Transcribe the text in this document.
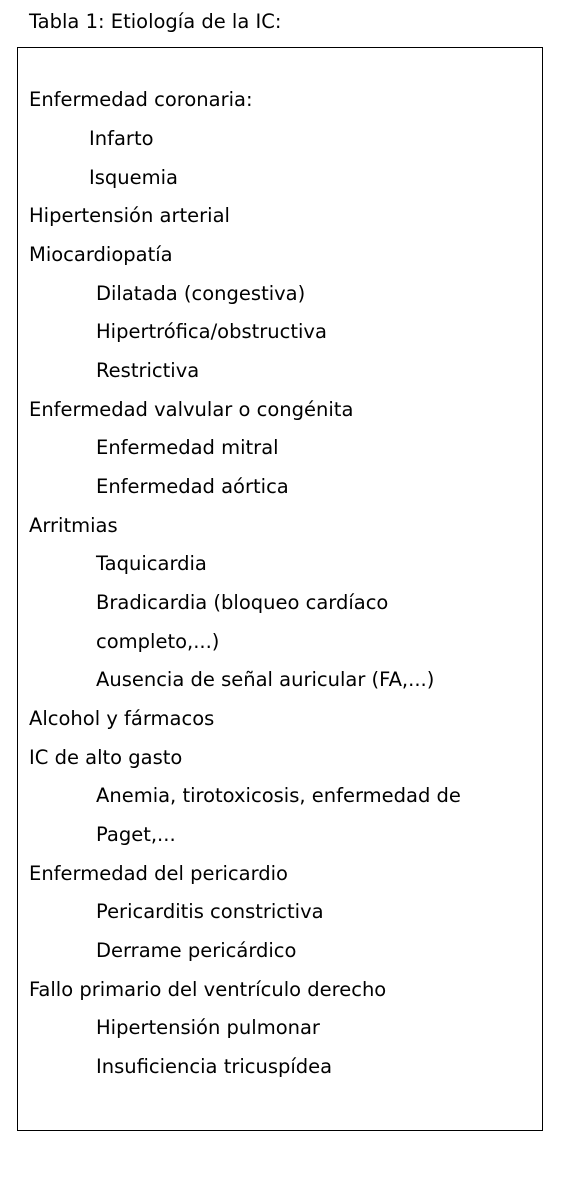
Tabla 1: Etiología de la IC:
Enfermedad coronaria:
Infarto
Isquemia
Hipertensión arterial
Miocardiopatía
Dilatada (congestiva)
Hipertrófica/obstructiva
Restrictiva
Enfermedad valvular o congénita
Enfermedad mitral
Enfermedad aórtica
Arritmias
Taquicardia
Bradicardia (bloqueo cardíaco
completo,...)
Ausencia de señal auricular (FA,...)
Alcohol y fármacos
IC de alto gasto
Anemia, tirotoxicosis, enfermedad de
Paget,...
Enfermedad del pericardio
Pericarditis constrictiva
Derrame pericárdico
Fallo primario del ventrículo derecho
Hipertensión pulmonar
Insuficiencia tricuspídea
